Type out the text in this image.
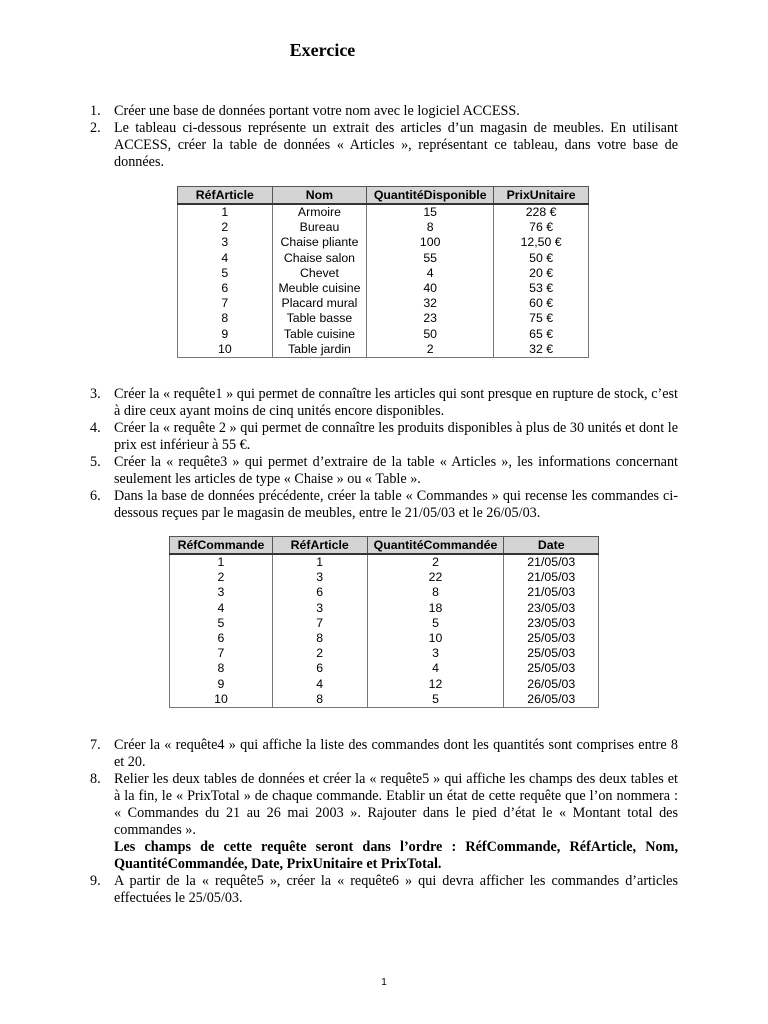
Exercice
1. Créer une base de données portant votre nom avec le logiciel ACCESS.
2. Le tableau ci-dessous représente un extrait des articles d’un magasin de meubles. En utilisant ACCESS, créer la table de données « Articles », représentant ce tableau, dans votre base de données.
RéfArticle	Nom	QuantitéDisponible	PrixUnitaire
1	Armoire	15	228 €
2	Bureau	8	76 €
3	Chaise pliante	100	12,50 €
4	Chaise salon	55	50 €
5	Chevet	4	20 €
6	Meuble cuisine	40	53 €
7	Placard mural	32	60 €
8	Table basse	23	75 €
9	Table cuisine	50	65 €
10	Table jardin	2	32 €
3. Créer la « requête1 » qui permet de connaître les articles qui sont presque en rupture de stock, c’est à dire ceux ayant moins de cinq unités encore disponibles.
4. Créer la « requête 2 » qui permet de connaître les produits disponibles à plus de 30 unités et dont le prix est inférieur à 55 €.
5. Créer la « requête3 » qui permet d’extraire de la table « Articles », les informations concernant seulement les articles de type « Chaise » ou « Table ».
6. Dans la base de données précédente, créer la table « Commandes » qui recense les commandes ci-dessous reçues par le magasin de meubles, entre le 21/05/03 et le 26/05/03.
RéfCommande	RéfArticle	QuantitéCommandée	Date
1	1	2	21/05/03
2	3	22	21/05/03
3	6	8	21/05/03
4	3	18	23/05/03
5	7	5	23/05/03
6	8	10	25/05/03
7	2	3	25/05/03
8	6	4	25/05/03
9	4	12	26/05/03
10	8	5	26/05/03
7. Créer la « requête4 » qui affiche la liste des commandes dont les quantités sont comprises entre 8 et 20.
8. Relier les deux tables de données et créer la « requête5 » qui affiche les champs des deux tables et à la fin, le « PrixTotal » de chaque commande. Etablir un état de cette requête que l’on nommera : « Commandes du 21 au 26 mai 2003 ». Rajouter dans le pied d’état le « Montant total des commandes ».
Les champs de cette requête seront dans l’ordre : RéfCommande, RéfArticle, Nom, QuantitéCommandée, Date, PrixUnitaire et PrixTotal.
9. A partir de la « requête5 », créer la « requête6 » qui devra afficher les commandes d’articles effectuées le 25/05/03.
1
